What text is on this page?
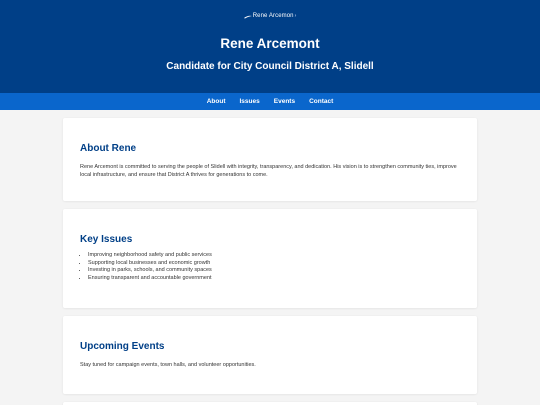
Rene Arcemon ›
Rene Arcemont
Candidate for City Council District A, Slidell
About Issues Events Contact
About Rene

Rene Arcemont is committed to serving the people of Slidell with integrity, transparency, and dedication. His vision is to strengthen community ties, improve local infrastructure, and ensure that District A thrives for generations to come.

Key Issues
• Improving neighborhood safety and public services
• Supporting local businesses and economic growth
• Investing in parks, schools, and community spaces
• Ensuring transparent and accountable government
Upcoming Events

Stay tuned for campaign events, town halls, and volunteer opportunities.
